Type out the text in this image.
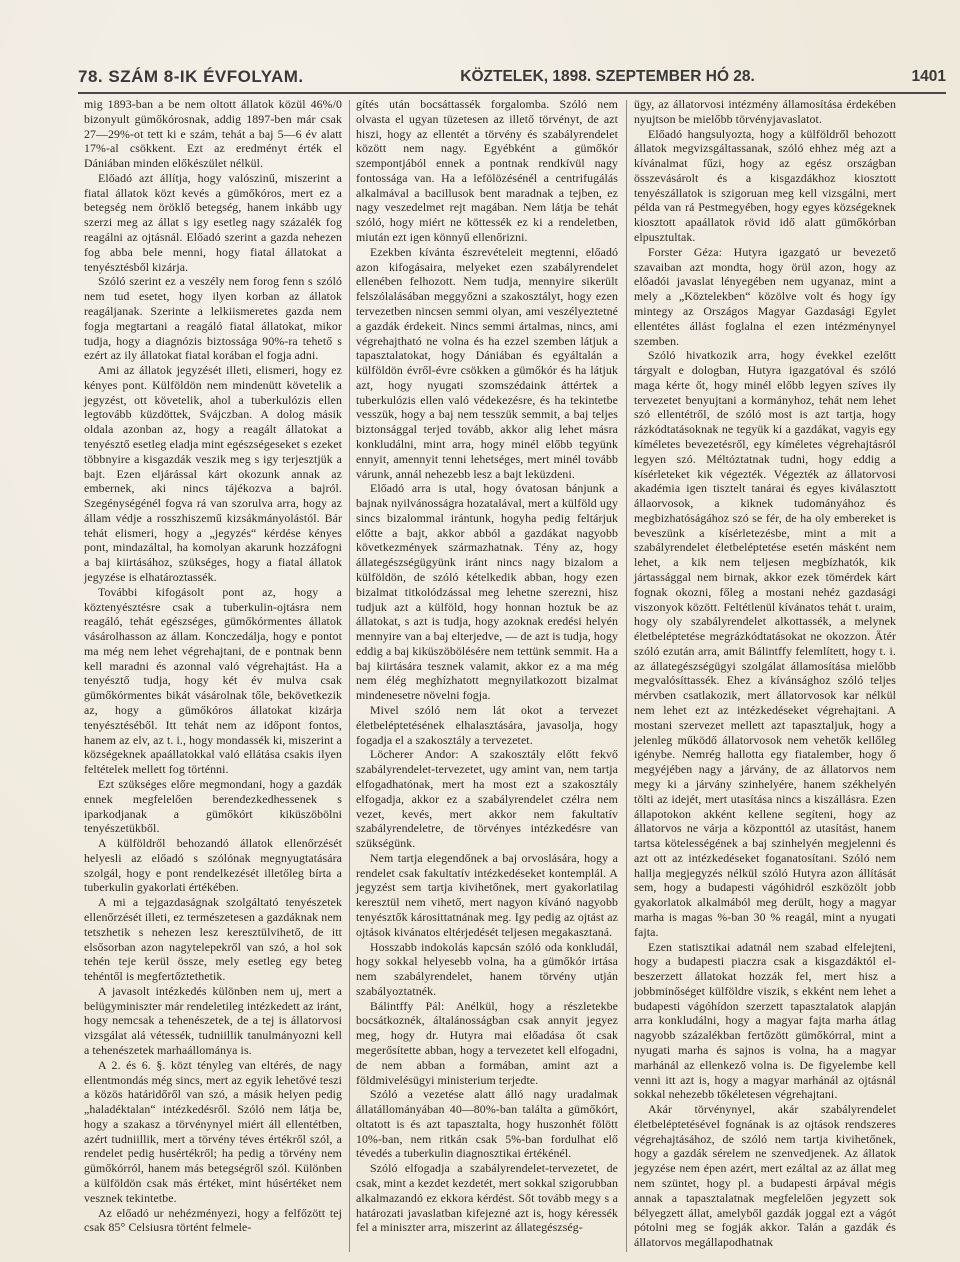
78. SZÁM 8-IK ÉVFOLYAM.	KÖZTELEK, 1898. SZEPTEMBER HÓ 28.	1401

mig 1893-ban a be nem oltott állatok közül 46%/0 bizonyult gümőkórosnak, addig 1897-ben már csak 27—29%-ot tett ki e szám, tehát a baj 5—6 év alatt 17%-al csökkent. Ezt az eredményt érték el Dániában minden előkészület nélkül.

Előadó azt állítja, hogy valószinű, miszerint a fiatal állatok közt kevés a gümőkóros, mert ez a betegség nem öröklő betegség, hanem inkább ugy szerzi meg az állat s igy esetleg nagy százalék fog reagálni az ojtásnál. Előadó szerint a gazda nehezen fog abba bele menni, hogy fiatal állatokat a tenyésztésből kizárja.

Szóló szerint ez a veszély nem forog fenn s szóló nem tud esetet, hogy ilyen korban az állatok reagáljanak. Szerinte a lelkiismeretes gazda nem fogja megtartani a reagáló fiatal állatokat, mikor tudja, hogy a diagnózis biztossága 90%-ra tehető s ezért az ily állatokat fiatal korában el fogja adni.

Ami az állatok jegyzését illeti, elismeri, hogy ez kényes pont. Külföldön nem mindenütt követelik a jegyzést, ott követelik, ahol a tuberkulózis ellen legtovább küzdöttek, Svájczban. A dolog másik oldala azonban az, hogy a reagált állatokat a tenyésztő esetleg eladja mint egészségeseket s ezeket többnyire a kisgazdák veszik meg s igy terjesztjük a bajt. Ezen eljárással kárt okozunk annak az embernek, aki nincs tájékozva a bajról. Szegénységénél fogva rá van szorulva arra, hogy az állam védje a rosszhiszemű kizsákmányolástól. Bár tehát elismeri, hogy a „jegyzés“ kérdése kényes pont, mindazáltal, ha komolyan akarunk hozzáfogni a baj kiirtásához, szükséges, hogy a fiatal állatok jegyzése is elhatároztassék.

További kifogásolt pont az, hogy a köztenyésztésre csak a tuberkulin-ojtásra nem reagáló, tehát egészséges, gümőkórmentes állatok vásárolhasson az állam. Konczedálja, hogy e pontot ma még nem lehet végrehajtani, de e pontnak benn kell maradni és azonnal való végrehajtást. Ha a tenyésztő tudja, hogy két év mulva csak gümőkórmentes bikát vásárolnak tőle, bekövetkezik az, hogy a gümőkóros állatokat kizárja tenyésztéséből. Itt tehát nem az időpont fontos, hanem az elv, az t. i., hogy mondassék ki, miszerint a községeknek apaállatokkal való ellátása csakis ilyen feltételek mellett fog történni.

Ezt szükséges előre megmondani, hogy a gazdák ennek megfelelően berendezkedhessenek s iparkodjanak a gümőkórt kiküszöbölni tenyészetükből.

A külföldről behozandó állatok ellenőrzését helyesli az előadó s szólónak megnyugtatására szolgál, hogy e pont rendelkezését illetőleg bírta a tuberkulin gyakorlati értékében.

A mi a tejgazdaságnak szolgáltató tenyészetek ellenőrzését illeti, ez természetesen a gazdáknak nem tetszhetik s nehezen lesz keresztülvihető, de itt elsősorban azon nagytelepekről van szó, a hol sok tehén teje kerül össze, mely esetleg egy beteg tehéntől is megfertőztethetik.

A javasolt intézkedés különben nem uj, mert a belügyminiszter már rendeletileg intézkedett az iránt, hogy nemcsak a tehenészetek, de a tej is állatorvosi vizsgálat alá vétessék, tudniillik tanulmányozni kell a tehenészetek marhaállománya is.

A 2. és 6. §. közt tényleg van eltérés, de nagy ellentmondás még sincs, mert az egyik lehetővé teszi a közös határidőről van szó, a másik helyen pedig „haladéktalan“ intézkedésről. Szóló nem látja be, hogy a szakasz a törvénynyel miért áll ellentétben, azért tudniillik, mert a törvény téves értékről szól, a rendelet pedig husértékről; ha pedig a törvény nem gümőkórról, hanem más betegségről szól. Különben a külföldön csak más értéket, mint húsértéket nem vesznek tekintetbe.

Az előadó ur nehézményezi, hogy a felfőzött tej csak 85° Celsiusra történt felmele-

gítés után bocsáttassék forgalomba. Szóló nem olvasta el ugyan tüzetesen az illető törvényt, de azt hiszi, hogy az ellentét a törvény és szabályrendelet között nem nagy. Egyébként a gümőkór szempontjából ennek a pontnak rendkívül nagy fontossága van. Ha a lefölözésénél a centrifugálás alkalmával a bacillusok bent maradnak a tejben, ez nagy veszedelmet rejt magában. Nem látja be tehát szóló, hogy miért ne köttessék ez ki a rendeletben, miután ezt igen könnyű ellenőrizni.

Ezekben kívánta észrevételeit megtenni, előadó azon kifogásaira, melyeket ezen szabályrendelet ellenében felhozott. Nem tudja, mennyire sikerült felszólalásában meggyőzni a szakosztályt, hogy ezen tervezetben nincsen semmi olyan, ami veszélyeztetné a gazdák érdekeit. Nincs semmi ártalmas, nincs, ami végrehajtható ne volna és ha ezzel szemben látjuk a tapasztalatokat, hogy Dániában és egyáltalán a külföldön évről-évre csökken a gümőkór és ha látjuk azt, hogy nyugati szomszédaink áttértek a tuberkulózis ellen való védekezésre, és ha tekintetbe vesszük, hogy a baj nem tesszük semmit, a baj teljes biztonsággal terjed tovább, akkor alig lehet másra konkludálni, mint arra, hogy minél előbb tegyünk ennyit, amennyit tenni lehetséges, mert minél tovább várunk, annál nehezebb lesz a bajt leküzdeni.

Előadó arra is utal, hogy óvatosan bánjunk a bajnak nyilvánosságra hozatalával, mert a külföld ugy sincs bizalommal irántunk, hogyha pedig feltárjuk előtte a bajt, akkor abból a gazdákat nagyobb következmények származhatnak. Tény az, hogy állategészségügyünk iránt nincs nagy bizalom a külföldön, de szóló kételkedik abban, hogy ezen bizalmat titkolódzással meg lehetne szerezni, hisz tudjuk azt a külföld, hogy honnan hoztuk be az állatokat, s azt is tudja, hogy azoknak eredési helyén mennyire van a baj elterjedve, — de azt is tudja, hogy eddig a baj kiküszöbölésére nem tettünk semmit. Ha a baj kiirtására tesznek valamit, akkor ez a ma még nem élég meghízhatott megnyilatkozott bizalmat mindenesetre növelni fogja.

Mivel szóló nem lát okot a tervezet életbeléptetésének elhalasztására, javasolja, hogy fogadja el a szakosztály a tervezetet.

Löcherer Andor: A szakosztály előtt fekvő szabályrendelet-tervezetet, ugy amint van, nem tartja elfogadhatónak, mert ha most ezt a szakosztály elfogadja, akkor ez a szabályrendelet czélra nem vezet, kevés, mert akkor nem fakultatív szabályrendeletre, de törvényes intézkedésre van szükségünk.

Nem tartja elegendőnek a baj orvoslására, hogy a rendelet csak fakultatív intézkedéseket kontemplál. A jegyzést sem tartja kivihetőnek, mert gyakorlatilag keresztül nem vihető, mert nagyon kívánó nagyobb tenyésztők károsittatnának meg. Igy pedig az ojtást az ojtások kivánatos eltérjedését teljesen megakasztaná.

Hosszabb indokolás kapcsán szóló oda konkludál, hogy sokkal helyesebb volna, ha a gümőkór irtása nem szabályrendelet, hanem törvény utján szabályoztatnék.

Bálintffy Pál: Anélkül, hogy a részletekbe bocsátkoznék, általánosságban csak annyit jegyez meg, hogy dr. Hutyra mai előadása őt csak megerősítette abban, hogy a tervezetet kell elfogadni, de nem abban a formában, amint azt a földmivelésügyi ministerium terjedte.

Szóló a vezetése alatt álló nagy uradalmak állatállományában 40—80%-ban találta a gümőkórt, oltatott is és azt tapasztalta, hogy huszonhét fölött 10%-ban, nem ritkán csak 5%-ban fordulhat elő tévedés a tuberkulin diagnosztikai értékénél.

Szóló elfogadja a szabályrendelet-tervezetet, de csak, mint a kezdet kezdetét, mert sokkal szigorubban alkalmazandó ez ekkora kérdést. Sőt tovább megy s a határozati javaslatban kifejezné azt is, hogy kéressék fel a miniszter arra, miszerint az állategészség-

ügy, az állatorvosi intézmény államosítása érdekében nyujtson be mielőbb törvényjavaslatot.

Előadó hangsulyozta, hogy a külföldről behozott állatok megvizsgáltassanak, szóló ehhez még azt a kívánalmat fűzi, hogy az egész országban összevásárolt és a kisgazdákhoz kiosztott tenyészállatok is szigoruan meg kell vizsgálni, mert példa van rá Pestmegyében, hogy egyes községeknek kiosztott apaállatok rövid idő alatt gümőkórban elpusztultak.

Forster Géza: Hutyra igazgató ur bevezető szavaiban azt mondta, hogy örül azon, hogy az előadói javaslat lényegében nem ugyanaz, mint a mely a „Köztelekben“ közölve volt és hogy így mintegy az Országos Magyar Gazdasági Egylet ellentétes állást foglalna el ezen intézménynyel szemben.

Szóló hivatkozik arra, hogy évekkel ezelőtt tárgyalt e dologban, Hutyra igazgatóval és szóló maga kérte őt, hogy minél előbb legyen szíves ily tervezetet benyujtani a kormányhoz, tehát nem lehet szó ellentétről, de szóló most is azt tartja, hogy rázkódtatásoknak ne tegyük ki a gazdákat, vagyis egy kíméletes bevezetésről, egy kíméletes végrehajtásról legyen szó. Méltóztatnak tudni, hogy eddig a kísérleteket kik végezték. Végezték az állatorvosi akadémia igen tisztelt tanárai és egyes kiválasztott állaorvosok, a kiknek tudományához és megbizhatóságához szó se fér, de ha oly embereket is beveszünk a kísérletezésbe, mint a mit a szabályrendelet életbeléptetése esetén másként nem lehet, a kik nem teljesen megbízhatók, kik jártassággal nem birnak, akkor ezek tömérdek kárt fognak okozni, főleg a mostani nehéz gazdasági viszonyok között. Feltétlenül kívánatos tehát t. uraim, hogy oly szabályrendelet alkottassék, a melynek életbeléptetése megrázkódtatásokat ne okozzon. Ätér szóló ezután arra, amit Bálintffy felemlített, hogy t. i. az állategészségügyi szolgálat államosítása mielőbb megvalósíttassék. Ehez a kívánsághoz szóló teljes mérvben csatlakozik, mert állatorvosok kar nélkül nem lehet ezt az intézkedéseket végrehajtani. A mostani szervezet mellett azt tapasztaljuk, hogy a jelenleg működő állatorvosok nem vehetők kellőleg igénybe. Nemrég hallotta egy fiatalember, hogy ő megyéjében nagy a járvány, de az állatorvos nem megy ki a járvány szinhelyére, hanem székhelyén tölti az idejét, mert utasítása nincs a kiszállásra. Ezen állapotokon akként kellene segíteni, hogy az állatorvos ne várja a központtól az utasítást, hanem tartsa kötelességének a baj szinhelyén megjelenni és azt ott az intézkedéseket foganatosítani. Szóló nem hallja megjegyzés nélkül szóló Hutyra azon állítását sem, hogy a budapesti vágóhidról eszközölt jobb gyakorlatok alkalmából meg derült, hogy a magyar marha is magas %-ban 30 % reagál, mint a nyugati fajta.

Ezen statisztikai adatnál nem szabad elfelejteni, hogy a budapesti piaczra csak a kisgazdáktól el-beszerzett állatokat hozzák fel, mert hisz a jobbminőséget külföldre viszik, s ekként nem lehet a budapesti vágóhídon szerzett tapasztalatok alapján arra konkludálni, hogy a magyar fajta marha átlag nagyobb százalékban fertőzött gümőkórral, mint a nyugati marha és sajnos is volna, ha a magyar marhánál az ellenkező volna is. De figyelembe kell venni itt azt is, hogy a magyar marhánál az ojtásnál sokkal nehezebb tőkéletesen végrehajtani.

Akár törvénynyel, akár szabályrendelet életbeléptetésével fognának is az ojtások rendszeres végrehajtásához, de szóló nem tartja kivihetőnek, hogy a gazdák sérelem ne szenvedjenek. Az állatok jegyzése nem épen azért, mert ezáltal az az állat meg nem szüntet, hogy pl. a budapesti árpával mégis annak a tapasztalatnak megfelelően jegyzett sok bélyegzett állat, amelyből gazdák joggal ezt a vágót pótolni meg se fogják akkor. Talán a gazdák és állatorvos megállapodhatnak
